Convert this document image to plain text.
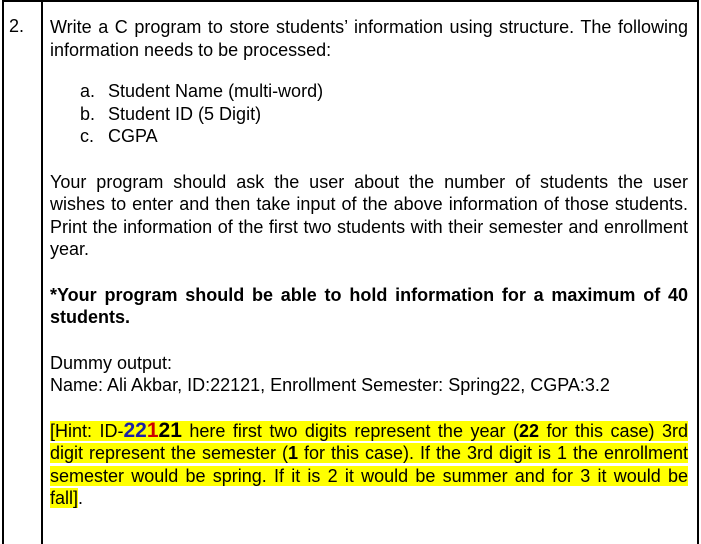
2. Write a C program to store students’ information using structure. The following information needs to be processed:

a. Student Name (multi-word)
b. Student ID (5 Digit)
c. CGPA

Your program should ask the user about the number of students the user wishes to enter and then take input of the above information of those students. Print the information of the first two students with their semester and enrollment year.

*Your program should be able to hold information for a maximum of 40 students.

Dummy output:
Name: Ali Akbar, ID:22121, Enrollment Semester: Spring22, CGPA:3.2

[Hint: ID-22121 here first two digits represent the year (22 for this case) 3rd digit represent the semester (1 for this case). If the 3rd digit is 1 the enrollment semester would be spring. If it is 2 it would be summer and for 3 it would be fall].
